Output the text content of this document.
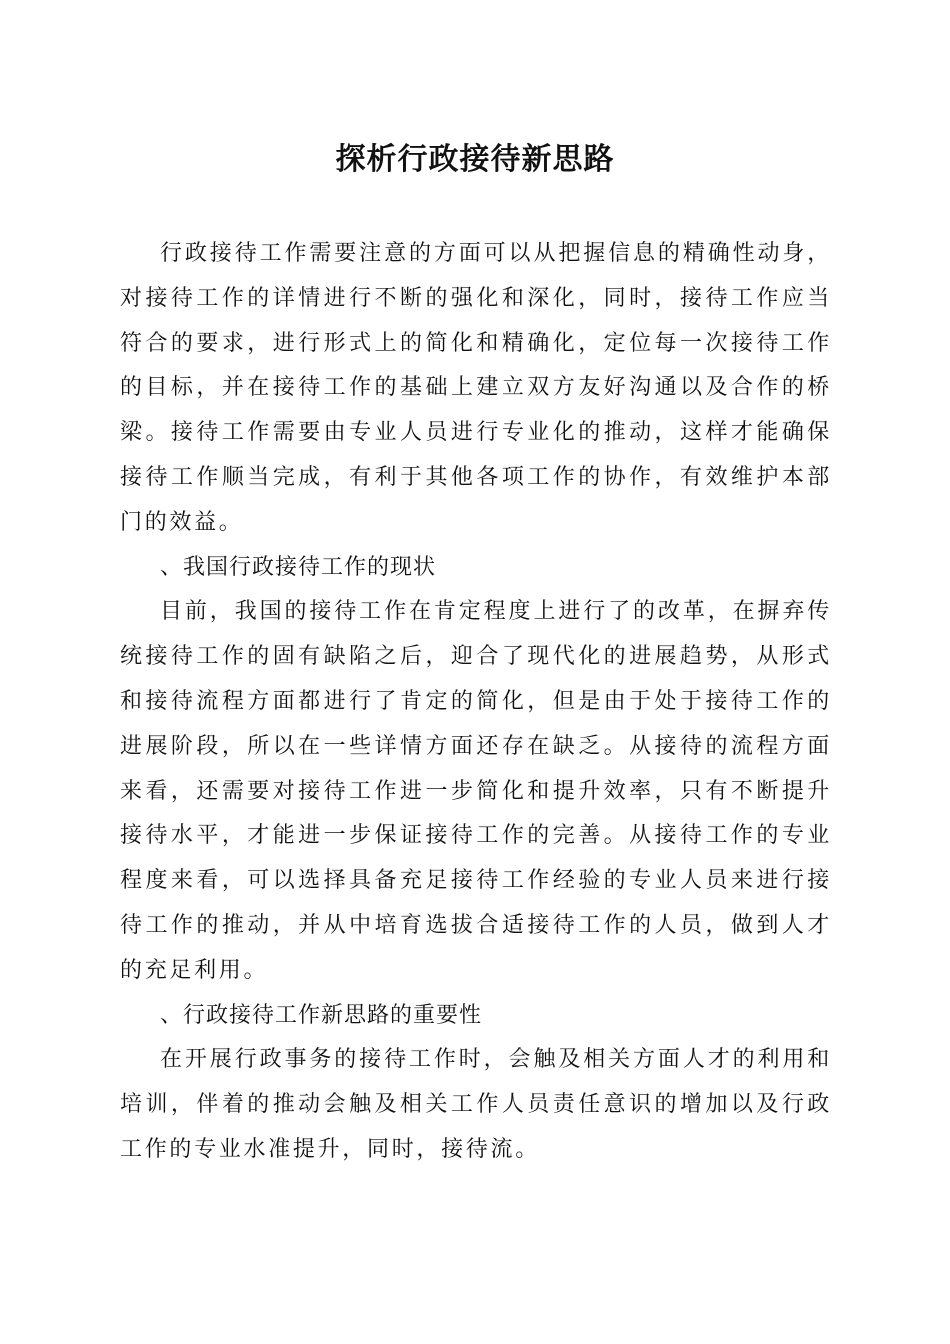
探析行政接待新思路

行政接待工作需要注意的方面可以从把握信息的精确性动身，对接待工作的详情进行不断的强化和深化，同时，接待工作应当符合的要求，进行形式上的简化和精确化，定位每一次接待工作的目标，并在接待工作的基础上建立双方友好沟通以及合作的桥梁。接待工作需要由专业人员进行专业化的推动，这样才能确保接待工作顺当完成，有利于其他各项工作的协作，有效维护本部门的效益。

、我国行政接待工作的现状

目前，我国的接待工作在肯定程度上进行了的改革，在摒弃传统接待工作的固有缺陷之后，迎合了现代化的进展趋势，从形式和接待流程方面都进行了肯定的简化，但是由于处于接待工作的进展阶段，所以在一些详情方面还存在缺乏。从接待的流程方面来看，还需要对接待工作进一步简化和提升效率，只有不断提升接待水平，才能进一步保证接待工作的完善。从接待工作的专业程度来看，可以选择具备充足接待工作经验的专业人员来进行接待工作的推动，并从中培育选拔合适接待工作的人员，做到人才的充足利用。

、行政接待工作新思路的重要性

在开展行政事务的接待工作时，会触及相关方面人才的利用和培训，伴着的推动会触及相关工作人员责任意识的增加以及行政工作的专业水准提升，同时，接待流。
